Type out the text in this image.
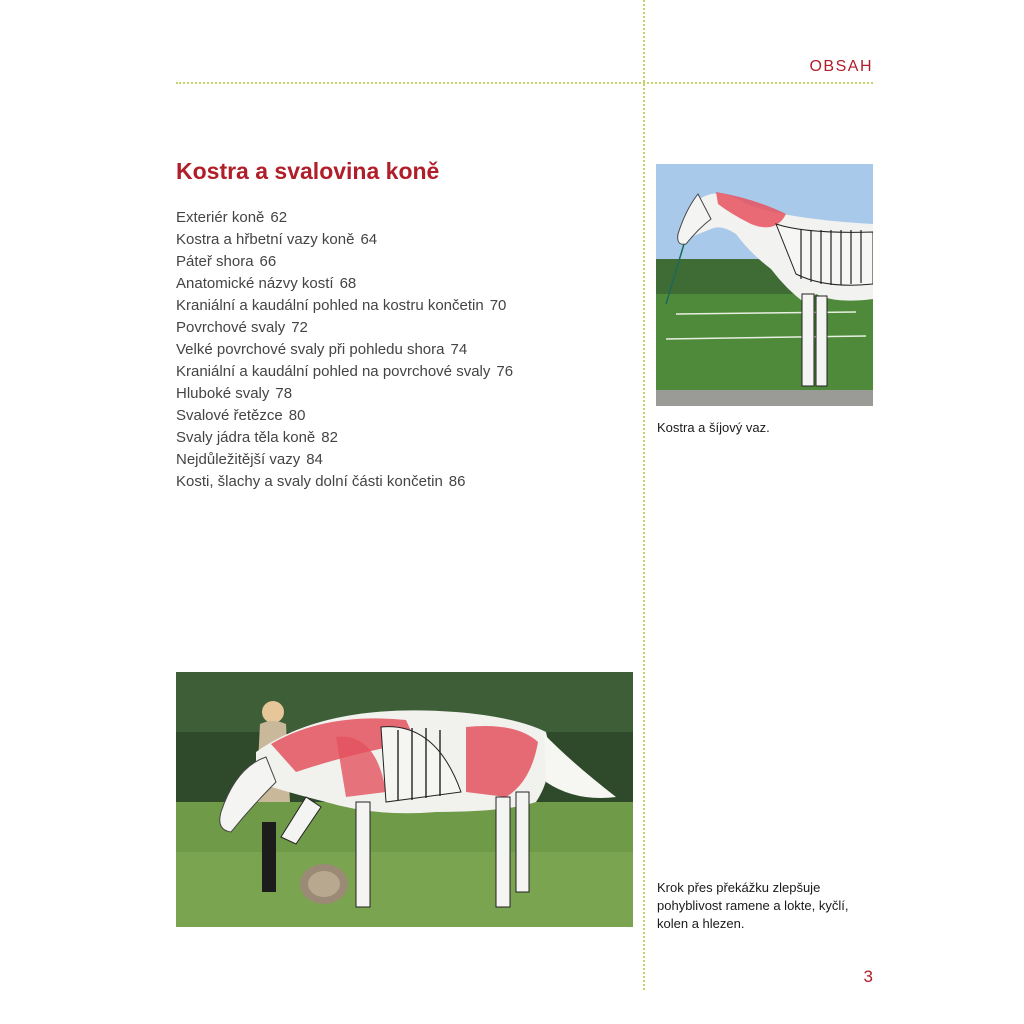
OBSAH
Kostra a svalovina koně
Exteriér koně 62
Kostra a hřbetní vazy koně 64
Páteř shora 66
Anatomické názvy kostí 68
Kraniální a kaudální pohled na kostru končetin 70
Povrchové svaly 72
Velké povrchové svaly při pohledu shora 74
Kraniální a kaudální pohled na povrchové svaly 76
Hluboké svaly 78
Svalové řetězce 80
Svaly jádra těla koně 82
Nejdůležitější vazy 84
Kosti, šlachy a svaly dolní části končetin 86
Kostra a šíjový vaz.
Krok přes překážku zlepšuje pohyblivost ramene a lokte, kyčlí, kolen a hlezen.
3
